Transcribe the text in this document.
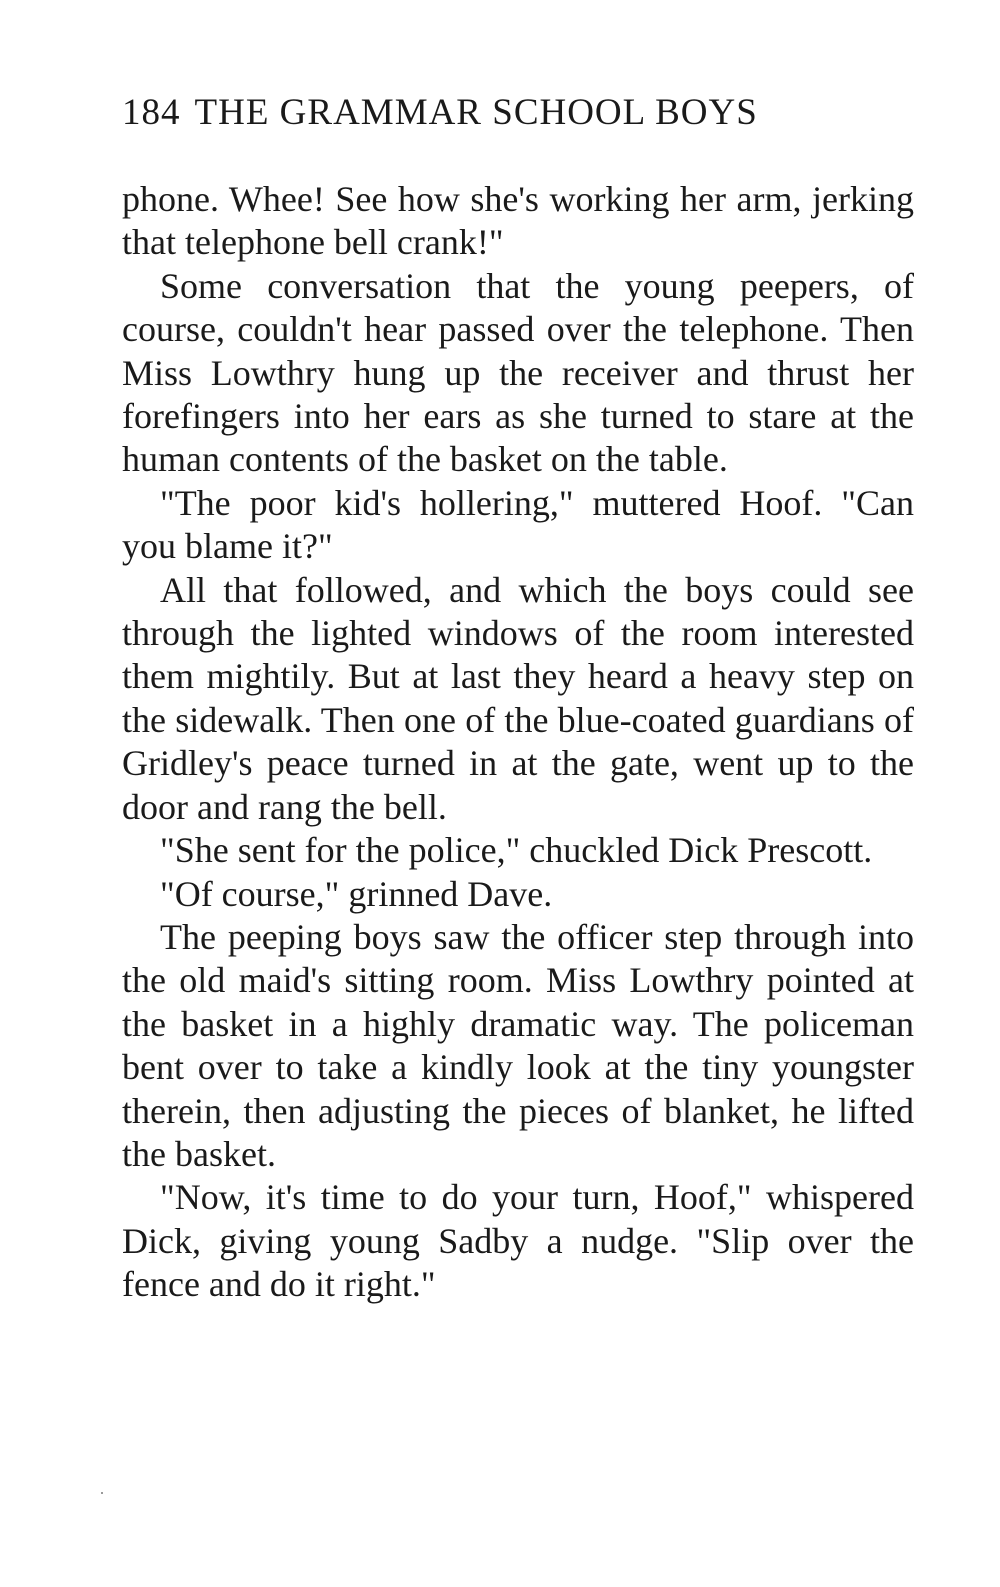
184 THE GRAMMAR SCHOOL BOYS

phone. Whee! See how she's working her arm, jerking that telephone bell crank!"

Some conversation that the young peepers, of course, couldn't hear passed over the telephone. Then Miss Lowthry hung up the receiver and thrust her forefingers into her ears as she turned to stare at the human contents of the basket on the table.

"The poor kid's hollering," muttered Hoof. "Can you blame it?"

All that followed, and which the boys could see through the lighted windows of the room interested them mightily. But at last they heard a heavy step on the sidewalk. Then one of the blue-coated guardians of Gridley's peace turned in at the gate, went up to the door and rang the bell.

"She sent for the police," chuckled Dick Prescott.

"Of course," grinned Dave.

The peeping boys saw the officer step through into the old maid's sitting room. Miss Lowthry pointed at the basket in a highly dramatic way. The policeman bent over to take a kindly look at the tiny youngster therein, then adjusting the pieces of blanket, he lifted the basket.

"Now, it's time to do your turn, Hoof," whispered Dick, giving young Sadby a nudge. "Slip over the fence and do it right."
